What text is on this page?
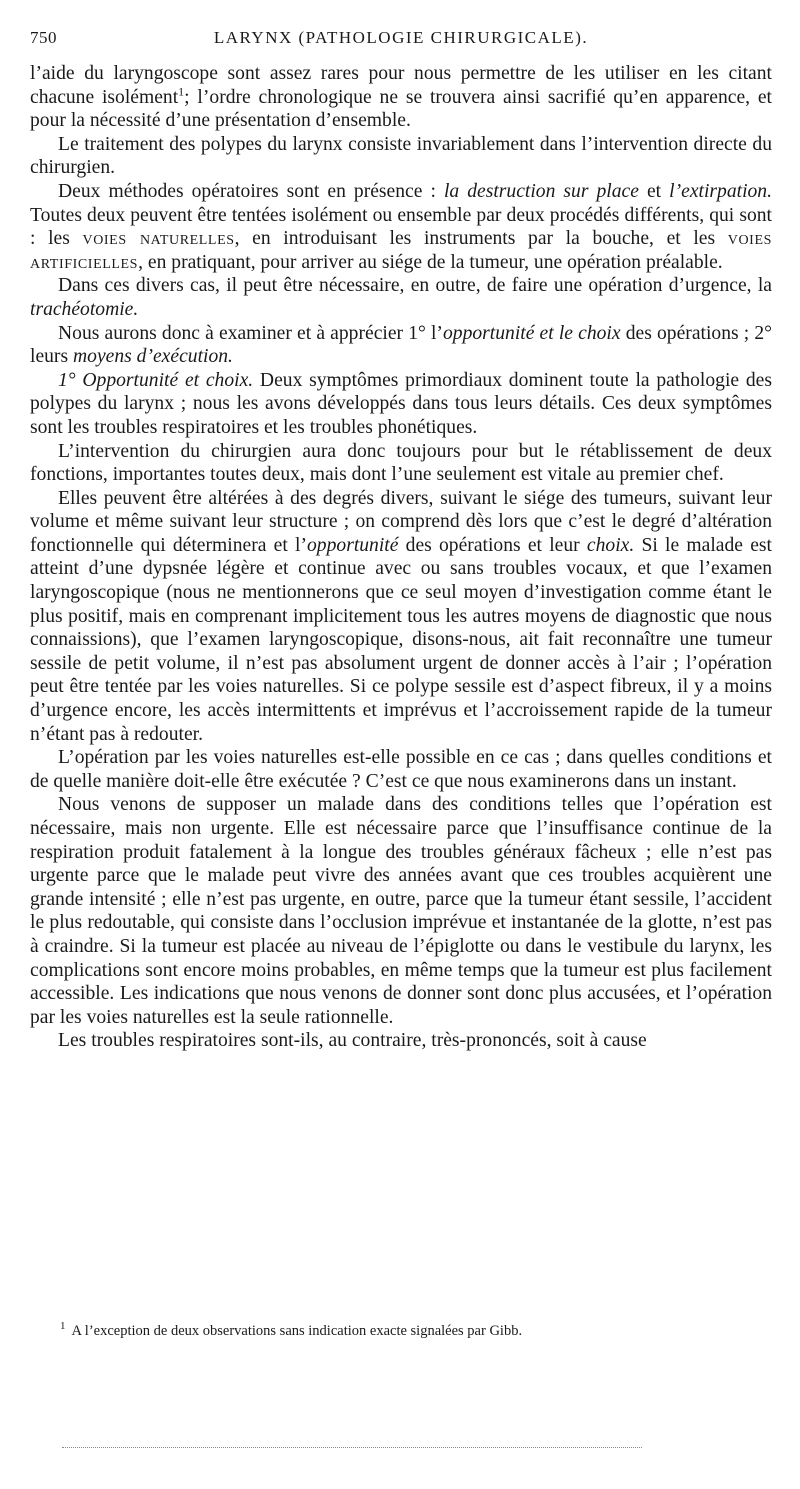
750	LARYNX (PATHOLOGIE CHIRURGICALE).

l’aide du laryngoscope sont assez rares pour nous permettre de les utiliser en les citant chacune isolément$^1$; l’ordre chronologique ne se trouvera ainsi sacrifié qu’en apparence, et pour la nécessité d’une présentation d’ensemble.

Le traitement des polypes du larynx consiste invariablement dans l’intervention directe du chirurgien.

Deux méthodes opératoires sont en présence : la destruction sur place et l’extirpation. Toutes deux peuvent être tentées isolément ou ensemble par deux procédés différents, qui sont : les voies naturelles, en introduisant les instruments par la bouche, et les voies artificielles, en pratiquant, pour arriver au siége de la tumeur, une opération préalable.

Dans ces divers cas, il peut être nécessaire, en outre, de faire une opération d’urgence, la trachéotomie.

Nous aurons donc à examiner et à apprécier 1° l’opportunité et le choix des opérations ; 2° leurs moyens d’exécution.

1° Opportunité et choix. Deux symptômes primordiaux dominent toute la pathologie des polypes du larynx ; nous les avons développés dans tous leurs détails. Ces deux symptômes sont les troubles respiratoires et les troubles phonétiques.

L’intervention du chirurgien aura donc toujours pour but le rétablissement de deux fonctions, importantes toutes deux, mais dont l’une seulement est vitale au premier chef.

Elles peuvent être altérées à des degrés divers, suivant le siége des tumeurs, suivant leur volume et même suivant leur structure ; on comprend dès lors que c’est le degré d’altération fonctionnelle qui déterminera et l’opportunité des opérations et leur choix. Si le malade est atteint d’une dypsnée légère et continue avec ou sans troubles vocaux, et que l’examen laryngoscopique (nous ne mentionnerons que ce seul moyen d’investigation comme étant le plus positif, mais en comprenant implicitement tous les autres moyens de diagnostic que nous connaissions), que l’examen laryngoscopique, disons-nous, ait fait reconnaître une tumeur sessile de petit volume, il n’est pas absolument urgent de donner accès à l’air ; l’opération peut être tentée par les voies naturelles. Si ce polype sessile est d’aspect fibreux, il y a moins d’urgence encore, les accès intermittents et imprévus et l’accroissement rapide de la tumeur n’étant pas à redouter.

L’opération par les voies naturelles est-elle possible en ce cas ; dans quelles conditions et de quelle manière doit-elle être exécutée ? C’est ce que nous examinerons dans un instant.

Nous venons de supposer un malade dans des conditions telles que l’opération est nécessaire, mais non urgente. Elle est nécessaire parce que l’insuffisance continue de la respiration produit fatalement à la longue des troubles généraux fâcheux ; elle n’est pas urgente parce que le malade peut vivre des années avant que ces troubles acquièrent une grande intensité ; elle n’est pas urgente, en outre, parce que la tumeur étant sessile, l’accident le plus redoutable, qui consiste dans l’occlusion imprévue et instantanée de la glotte, n’est pas à craindre. Si la tumeur est placée au niveau de l’épiglotte ou dans le vestibule du larynx, les complications sont encore moins probables, en même temps que la tumeur est plus facilement accessible. Les indications que nous venons de donner sont donc plus accusées, et l’opération par les voies naturelles est la seule rationnelle.

Les troubles respiratoires sont-ils, au contraire, très-prononcés, soit à cause

$^1$ A l’exception de deux observations sans indication exacte signalées par Gibb.
